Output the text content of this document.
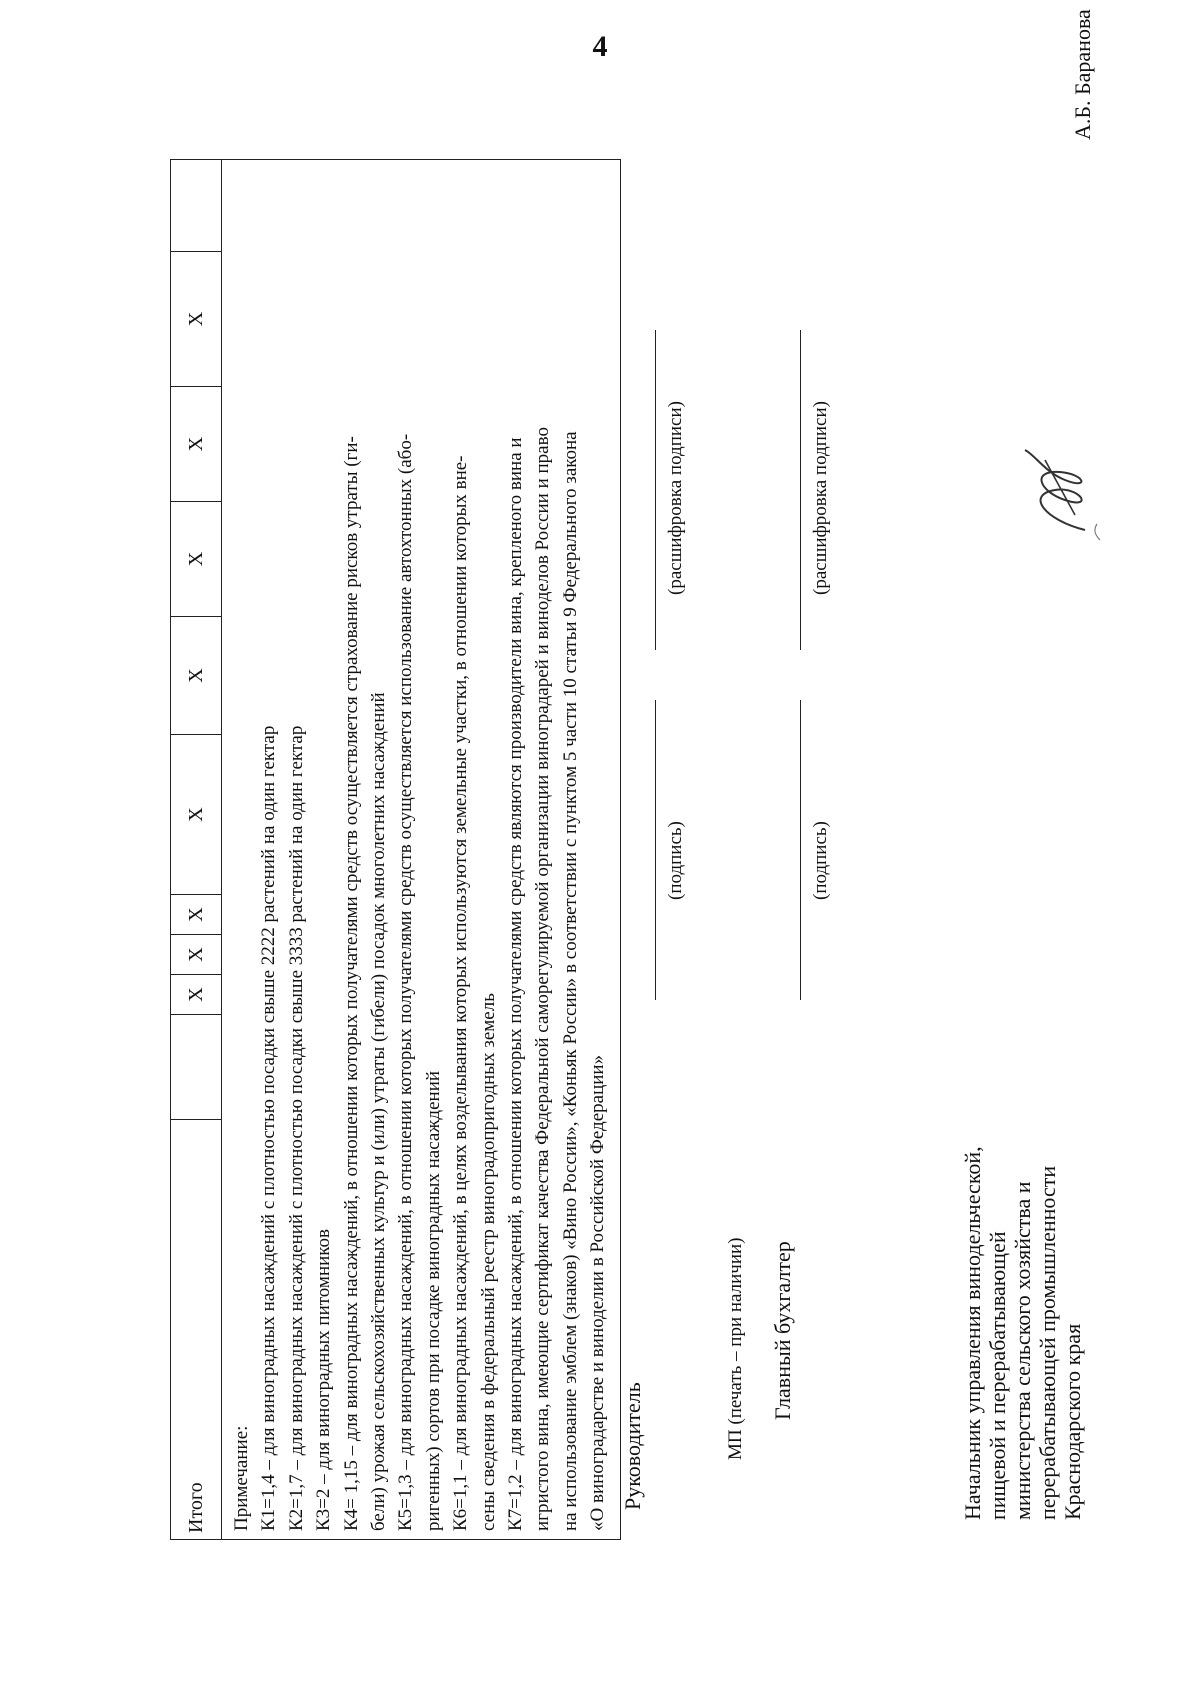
4
Итого		Х	Х	Х	Х	Х	Х	Х	Х	

Примечание: К1=1,4 – для виноградных насаждений с плотностью посадки свыше 2222 растений на один гектар К2=1,7 – для виноградных насаждений с плотностью посадки свыше 3333 растений на один гектар К3=2 – для виноградных питомников К4= 1,15 – для виноградных насаждений, в отношении которых получателями средств осуществляется страхование рисков утраты (ги- бели) урожая сельскохозяйственных культур и (или) утраты (гибели) посадок многолетних насаждений К5=1,3 – для виноградных насаждений, в отношении которых получателями средств осуществляется использование автохтонных (або- ригенных) сортов при посадке виноградных насаждений К6=1,1 – для виноградных насаждений, в целях возделывания которых используются земельные участки, в отношении которых вне- сены сведения в федеральный реестр виноградопригодных земель К7=1,2 – для виноградных насаждений, в отношении которых получателями средств являются производители вина, крепленого вина и игристого вина, имеющие сертификат качества Федеральной саморегулируемой организации виноградарей и виноделов России и право на использование эмблем (знаков) «Вино России», «Коньяк России» в соответствии с пунктом 5 части 10 статьи 9 Федерального закона «О виноградарстве и виноделии в Российской Федерации» Руководитель
(подпись)
(расшифровка подписи)
МП (печать – при наличии) Главный бухгалтер
(подпись)
(расшифровка подписи)
Начальник управления винодельческой, пищевой и перерабатывающей министерства сельского хозяйства и перерабатывающей промышленности Краснодарского края
А.Б. Баранова
